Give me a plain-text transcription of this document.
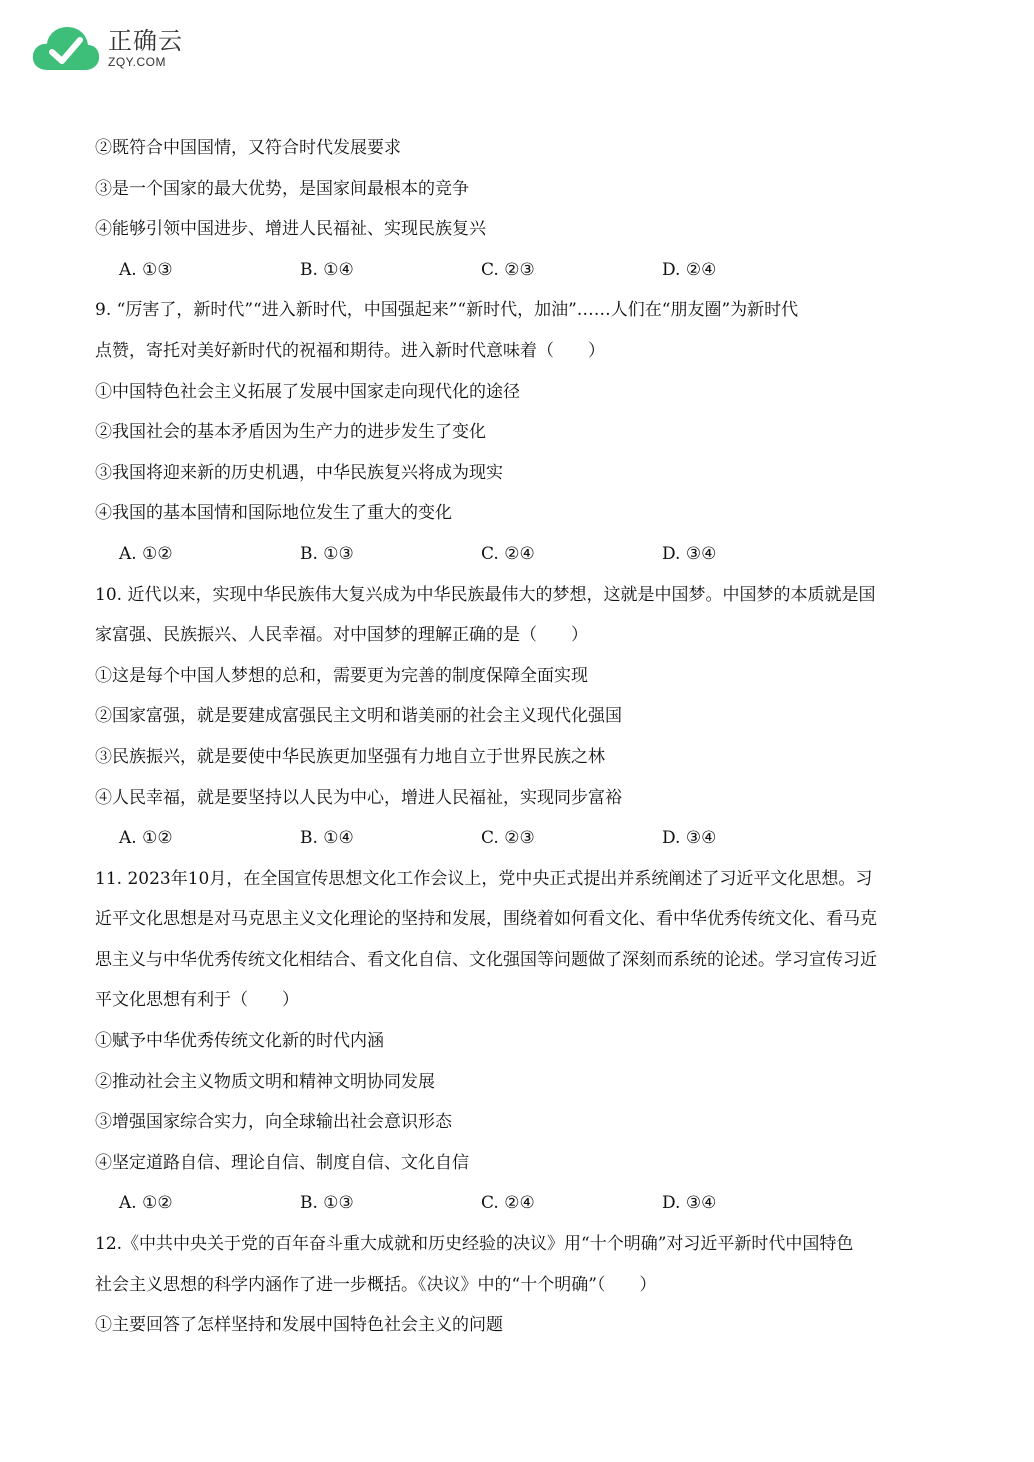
正确云
ZQY.COM
②既符合中国国情，又符合时代发展要求
③是一个国家的最大优势，是国家间最根本的竞争
④能够引领中国进步、增进人民福祉、实现民族复兴
A. ①③	B. ①④	C. ②③	D. ②④
9. “厉害了，新时代”“进入新时代，中国强起来”“新时代，加油”……人们在“朋友圈”为新时代
点赞，寄托对美好新时代的祝福和期待。进入新时代意味着（　　）
①中国特色社会主义拓展了发展中国家走向现代化的途径
②我国社会的基本矛盾因为生产力的进步发生了变化
③我国将迎来新的历史机遇，中华民族复兴将成为现实
④我国的基本国情和国际地位发生了重大的变化
A. ①②	B. ①③	C. ②④	D. ③④
10. 近代以来，实现中华民族伟大复兴成为中华民族最伟大的梦想，这就是中国梦。中国梦的本质就是国
家富强、民族振兴、人民幸福。对中国梦的理解正确的是（　　）
①这是每个中国人梦想的总和，需要更为完善的制度保障全面实现
②国家富强，就是要建成富强民主文明和谐美丽的社会主义现代化强国
③民族振兴，就是要使中华民族更加坚强有力地自立于世界民族之林
④人民幸福，就是要坚持以人民为中心，增进人民福祉，实现同步富裕
A. ①②	B. ①④	C. ②③	D. ③④
11. 2023年10月，在全国宣传思想文化工作会议上，党中央正式提出并系统阐述了习近平文化思想。习
近平文化思想是对马克思主义文化理论的坚持和发展，围绕着如何看文化、看中华优秀传统文化、看马克
思主义与中华优秀传统文化相结合、看文化自信、文化强国等问题做了深刻而系统的论述。学习宣传习近
平文化思想有利于（　　）
①赋予中华优秀传统文化新的时代内涵
②推动社会主义物质文明和精神文明协同发展
③增强国家综合实力，向全球输出社会意识形态
④坚定道路自信、理论自信、制度自信、文化自信
A. ①②	B. ①③	C. ②④	D. ③④
12.《中共中央关于党的百年奋斗重大成就和历史经验的决议》用“十个明确”对习近平新时代中国特色
社会主义思想的科学内涵作了进一步概括。《决议》中的“十个明确”（　　）
①主要回答了怎样坚持和发展中国特色社会主义的问题
